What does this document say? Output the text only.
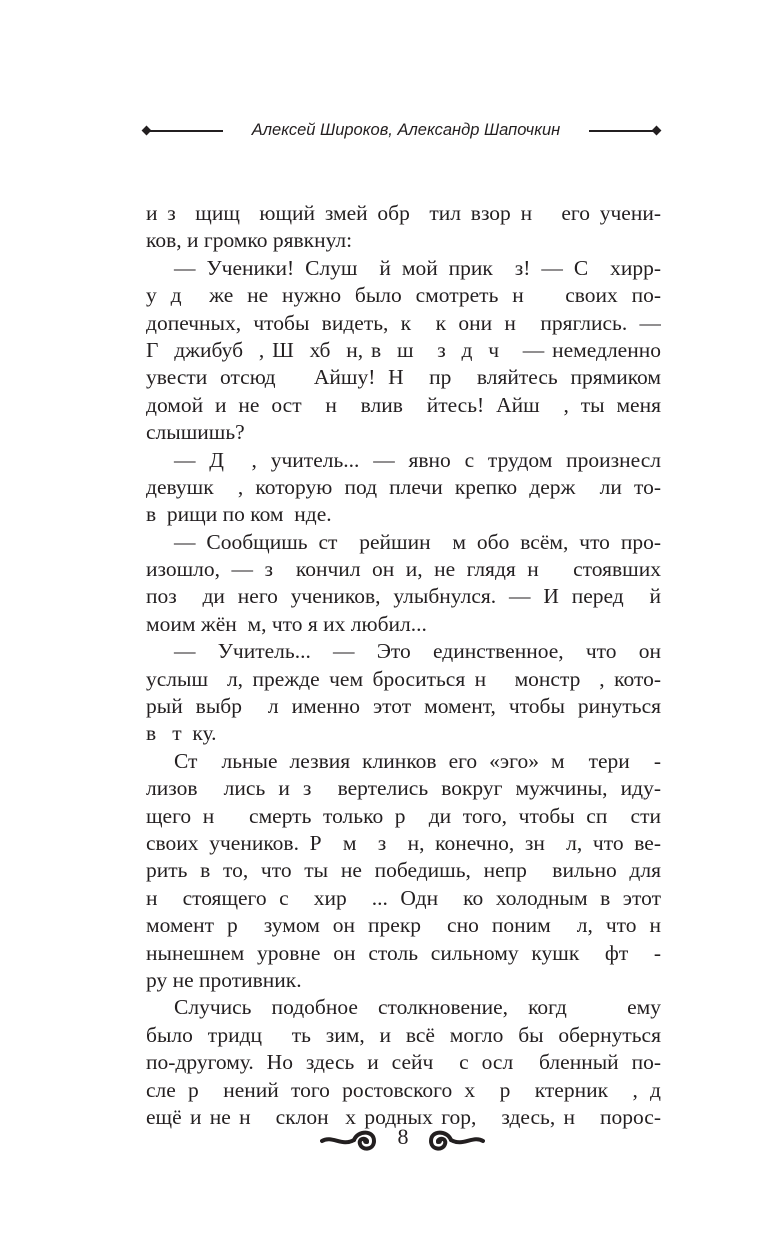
Алексей Широков, Александр Шапочкин
и з  щищ  ющий змей обр  тил взор н   его учени-
ков, и громко рявкнул:
— Ученики! Слуш  й мой прик  з! — С  хирр-
у д  же не нужно было смотреть н   своих по-
допечных, чтобы видеть, к  к они н  пряглись. —
Г  джибуб  , Ш  хб  н, в  ш   з  д  ч   — немедленно
увести отсюд   Айшу! Н  пр  вляйтесь прямиком
домой и не ост  н  влив  йтесь! Айш  , ты меня
слышишь?
— Д  , учитель... — явно с трудом произнесл
девушк  , которую под плечи крепко держ  ли то-
в  рищи по ком  нде.
— Сообщишь ст  рейшин  м обо всём, что про-
изошло, — з  кончил он и, не глядя н   стоявших
поз  ди него учеников, улыбнулся. — И перед  й
моим жён  м, что я их любил...
— Учитель... — Это единственное, что он
услыш  л, прежде чем броситься н   монстр  , кото-
рый выбр  л именно этот момент, чтобы ринуться
в   т  ку.
Ст  льные лезвия клинков его «эго» м  тери  -
лизов  лись и з  вертелись вокруг мужчины, иду-
щего н   смерть только р  ди того, чтобы сп  сти
своих учеников. Р  м  з  н, конечно, зн  л, что ве-
рить в то, что ты не победишь, непр  вильно для
н  стоящего с  хир  ... Одн  ко холодным в этот
момент р  зумом он прекр  сно поним  л, что н
нынешнем уровне он столь сильному кушк  фт  -
ру не противник.
Случись подобное столкновение, когд   ему
было тридц  ть зим, и всё могло бы обернуться
по-другому. Но здесь и сейч  с осл  бленный по-
сле р  нений того ростовского х  р  ктерник  , д
ещё и не н   склон  х родных гор,   здесь, н   порос-
8
